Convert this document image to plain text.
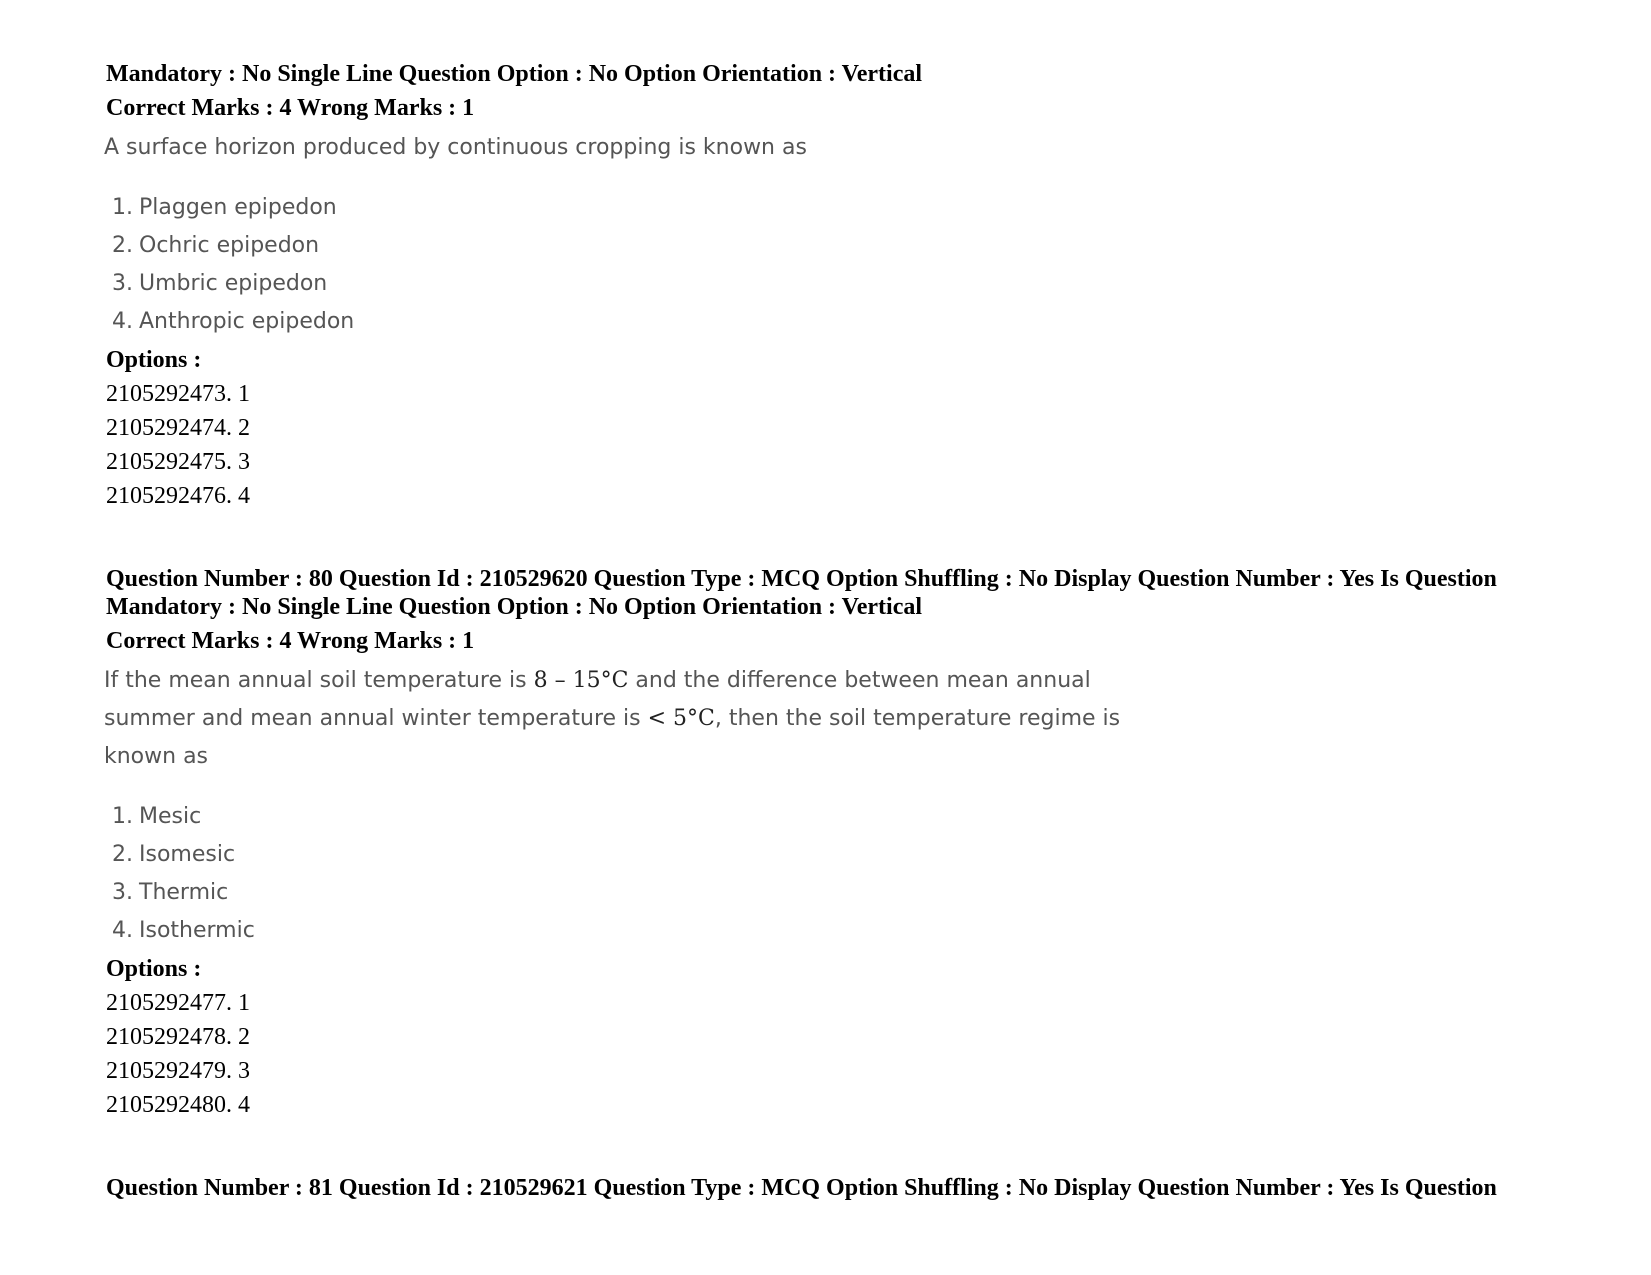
Mandatory : No Single Line Question Option : No Option Orientation : Vertical
Correct Marks : 4 Wrong Marks : 1
A surface horizon produced by continuous cropping is known as
1. Plaggen epipedon
2. Ochric epipedon
3. Umbric epipedon
4. Anthropic epipedon
Options :
2105292473. 1
2105292474. 2
2105292475. 3
2105292476. 4
Question Number : 80 Question Id : 210529620 Question Type : MCQ Option Shuffling : No Display Question Number : Yes Is Question
Mandatory : No Single Line Question Option : No Option Orientation : Vertical
Correct Marks : 4 Wrong Marks : 1
If the mean annual soil temperature is 8 – 15°C and the difference between mean annual
summer and mean annual winter temperature is < 5°C, then the soil temperature regime is
known as
1. Mesic
2. Isomesic
3. Thermic
4. Isothermic
Options :
2105292477. 1
2105292478. 2
2105292479. 3
2105292480. 4
Question Number : 81 Question Id : 210529621 Question Type : MCQ Option Shuffling : No Display Question Number : Yes Is Question
